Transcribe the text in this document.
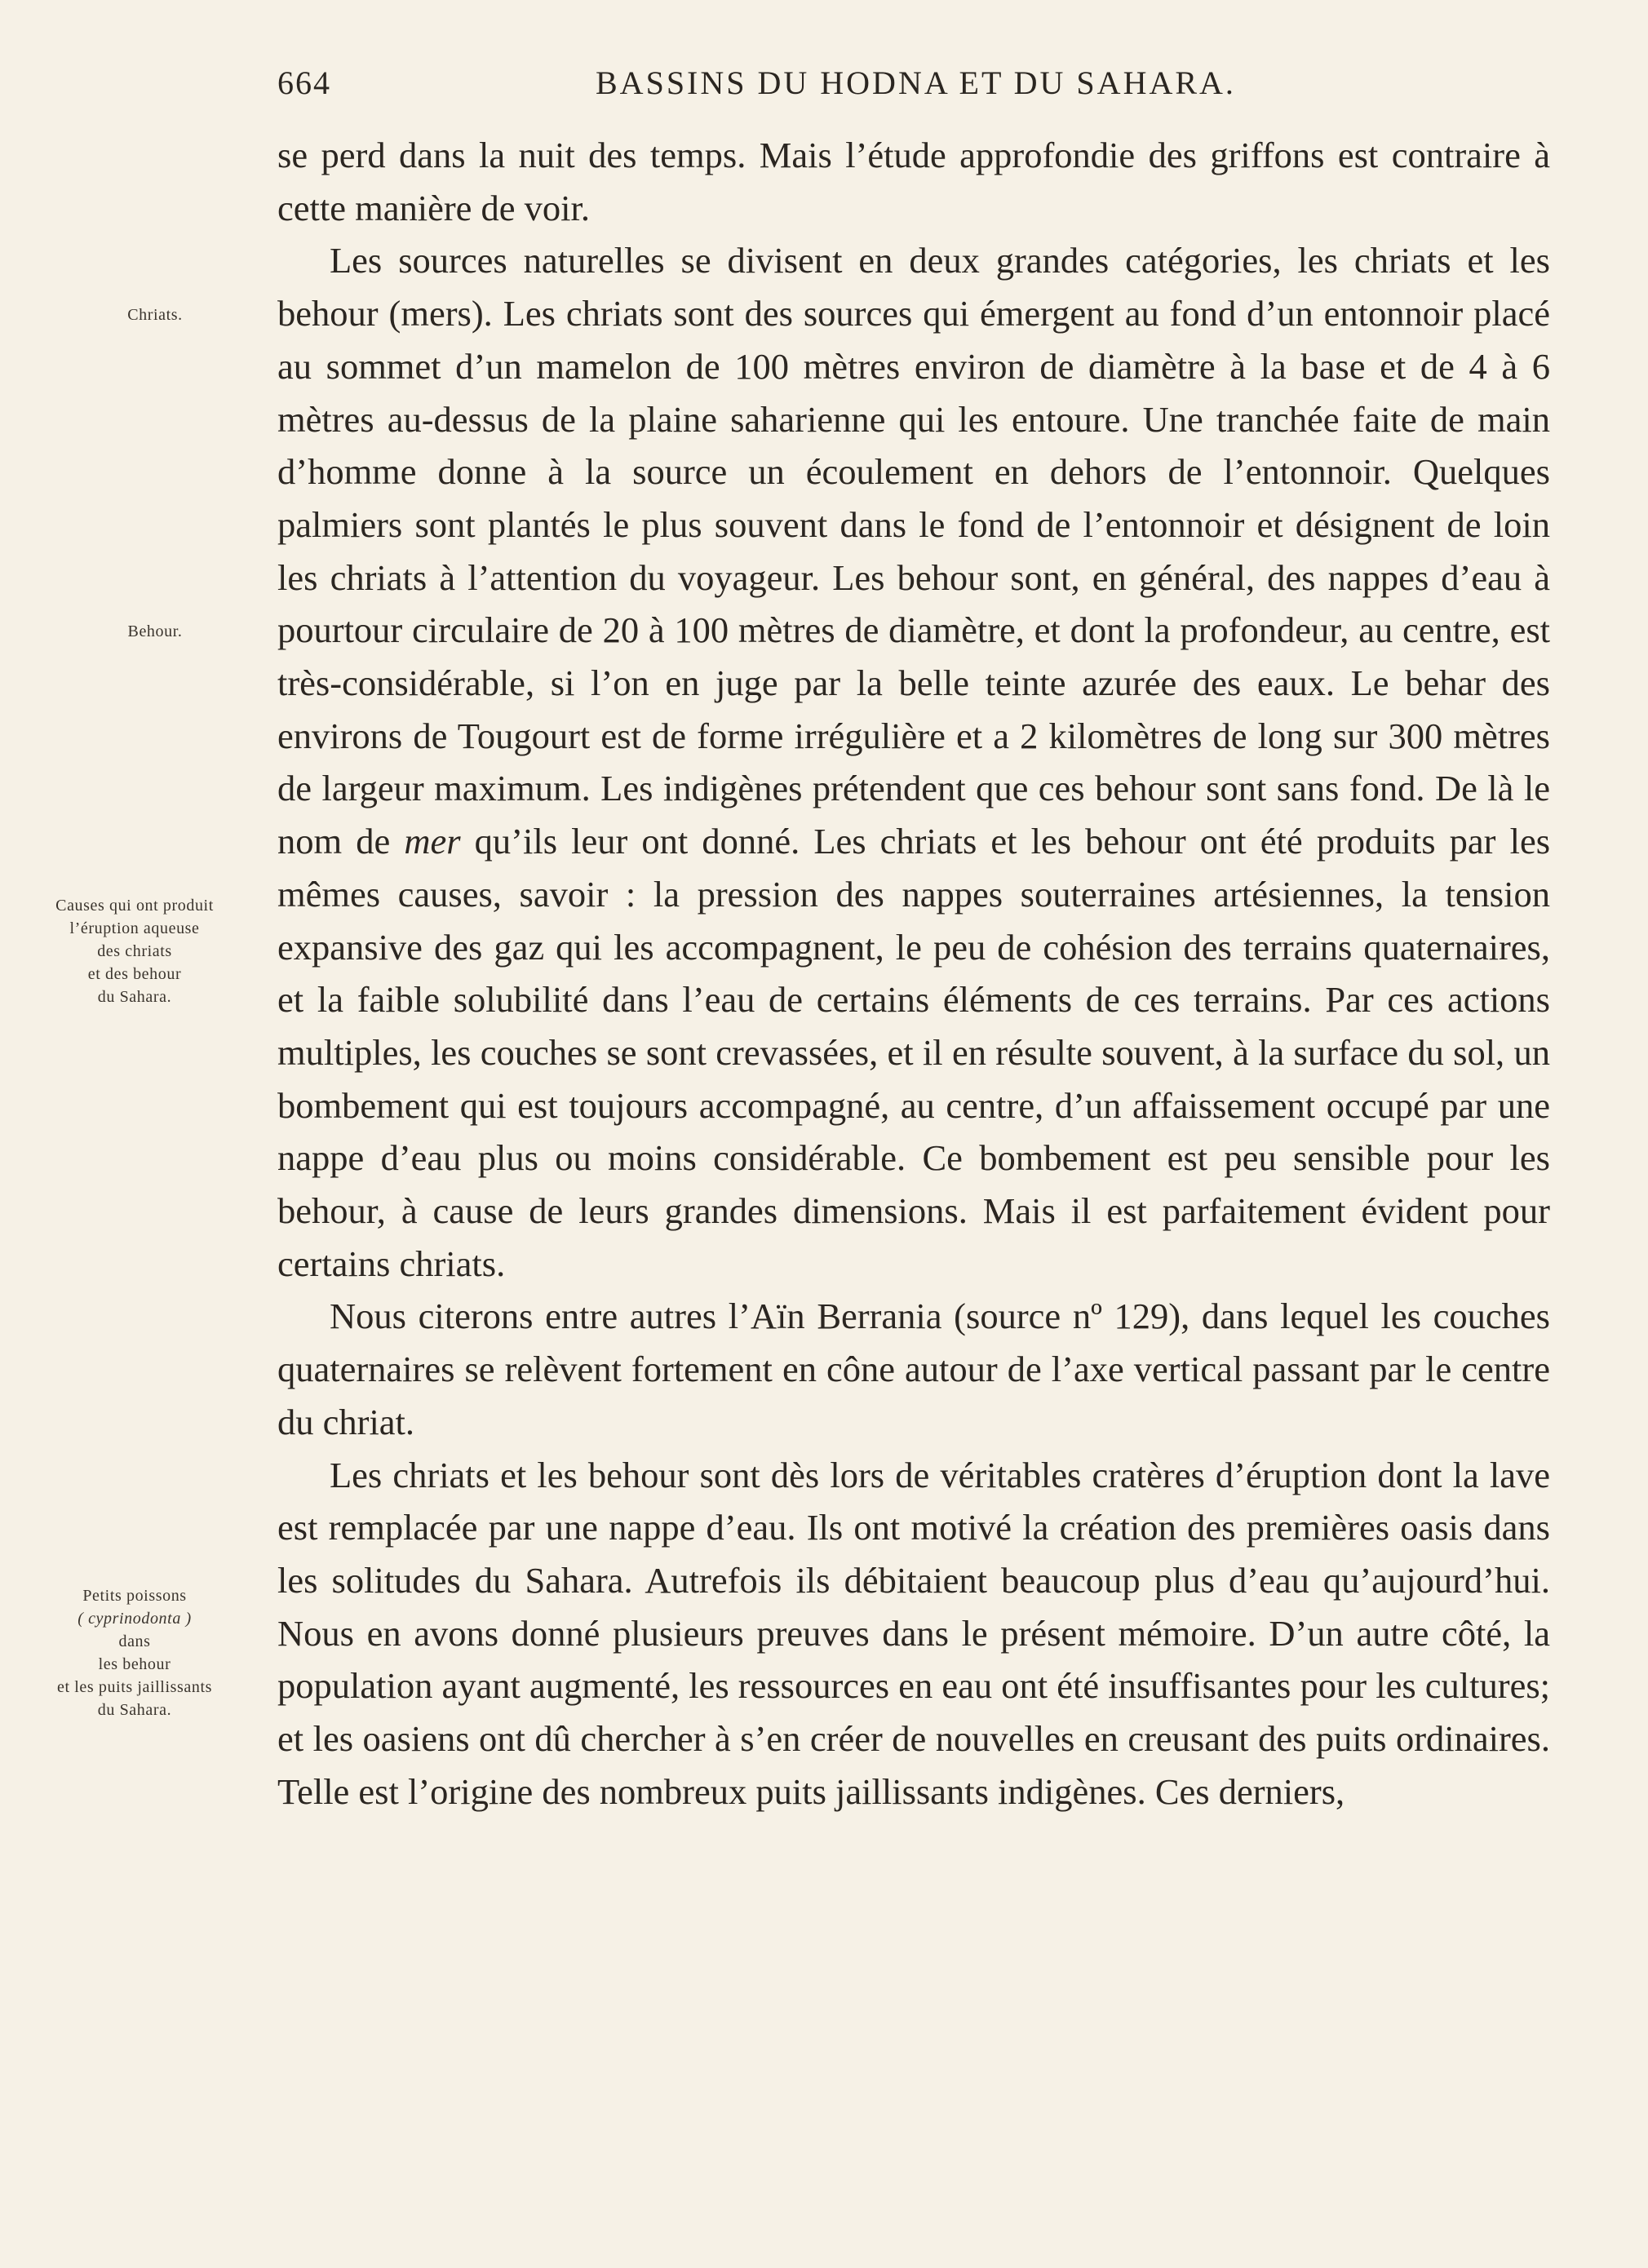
664	BASSINS DU HODNA ET DU SAHARA.
Chriats.
Behour.
Causes qui ont produit
l’éruption aqueuse
des chriats
et des behour
du Sahara.
Petits poissons
( cyprinodonta )
dans
les behour
et les puits jaillissants
du Sahara.

se perd dans la nuit des temps. Mais l’étude approfondie des griffons est contraire à cette manière de voir.

Les sources naturelles se divisent en deux grandes catégories, les chriats et les behour (mers). Les chriats sont des sources qui émergent au fond d’un entonnoir placé au sommet d’un mamelon de 100 mètres environ de diamètre à la base et de 4 à 6 mètres au-dessus de la plaine saharienne qui les entoure. Une tranchée faite de main d’homme donne à la source un écoulement en dehors de l’entonnoir. Quelques palmiers sont plantés le plus souvent dans le fond de l’entonnoir et désignent de loin les chriats à l’attention du voyageur. Les behour sont, en général, des nappes d’eau à pourtour circulaire de 20 à 100 mètres de diamètre, et dont la profondeur, au centre, est très-considérable, si l’on en juge par la belle teinte azurée des eaux. Le behar des environs de Tougourt est de forme irrégulière et a 2 kilomètres de long sur 300 mètres de largeur maximum. Les indigènes prétendent que ces behour sont sans fond. De là le nom de mer qu’ils leur ont donné. Les chriats et les behour ont été produits par les mêmes causes, savoir : la pression des nappes souterraines artésiennes, la tension expansive des gaz qui les accompagnent, le peu de cohésion des terrains quaternaires, et la faible solubilité dans l’eau de certains éléments de ces terrains. Par ces actions multiples, les couches se sont crevassées, et il en résulte souvent, à la surface du sol, un bombement qui est toujours accompagné, au centre, d’un affaissement occupé par une nappe d’eau plus ou moins considérable. Ce bombement est peu sensible pour les behour, à cause de leurs grandes dimensions. Mais il est parfaitement évident pour certains chriats.

Nous citerons entre autres l’Aïn Berrania (source nº 129), dans lequel les couches quaternaires se relèvent fortement en cône autour de l’axe vertical passant par le centre du chriat.

Les chriats et les behour sont dès lors de véritables cratères d’éruption dont la lave est remplacée par une nappe d’eau. Ils ont motivé la création des premières oasis dans les solitudes du Sahara. Autrefois ils débitaient beaucoup plus d’eau qu’aujourd’hui. Nous en avons donné plusieurs preuves dans le présent mémoire. D’un autre côté, la population ayant augmenté, les ressources en eau ont été insuffisantes pour les cultures; et les oasiens ont dû chercher à s’en créer de nouvelles en creusant des puits ordinaires. Telle est l’origine des nombreux puits jaillissants indigènes. Ces derniers,
